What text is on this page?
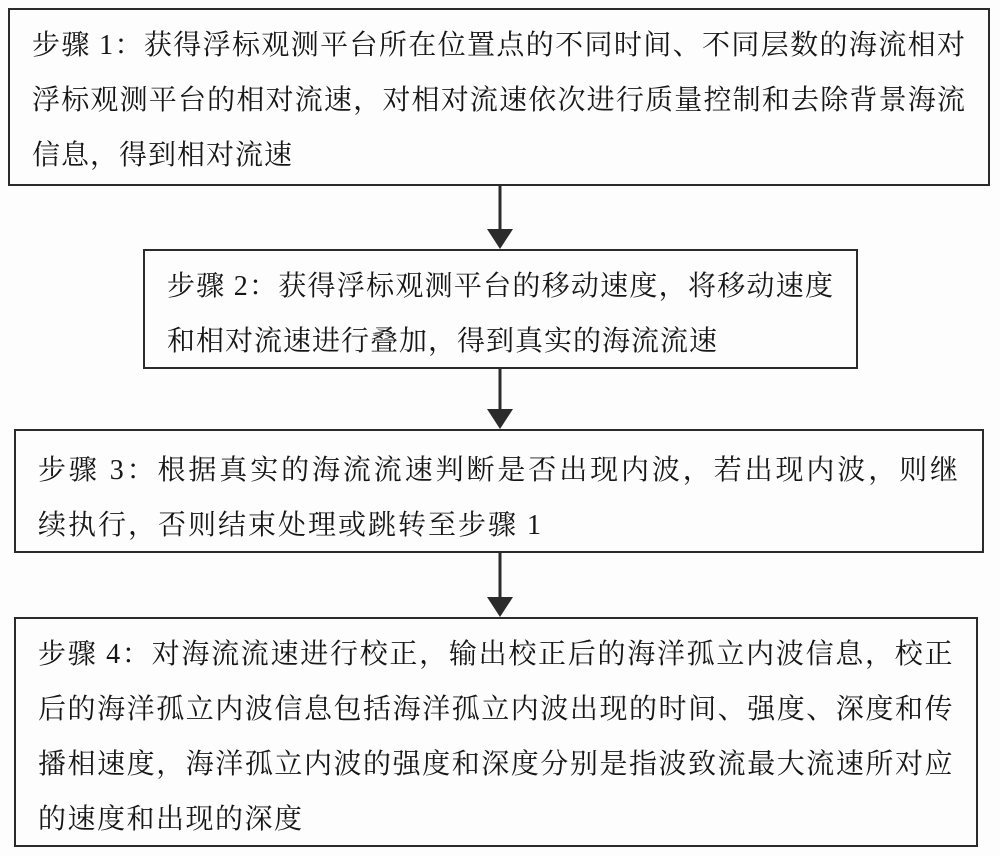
步骤 1：获得浮标观测平台所在位置点的不同时间、不同层数的海流相对浮标观测平台的相对流速，对相对流速依次进行质量控制和去除背景海流信息，得到相对流速
步骤 2：获得浮标观测平台的移动速度，将移动速度和相对流速进行叠加，得到真实的海流流速
步骤 3：根据真实的海流流速判断是否出现内波，若出现内波，则继续执行，否则结束处理或跳转至步骤 1
步骤 4：对海流流速进行校正，输出校正后的海洋孤立内波信息，校正后的海洋孤立内波信息包括海洋孤立内波出现的时间、强度、深度和传播相速度，海洋孤立内波的强度和深度分别是指波致流最大流速所对应的速度和出现的深度
